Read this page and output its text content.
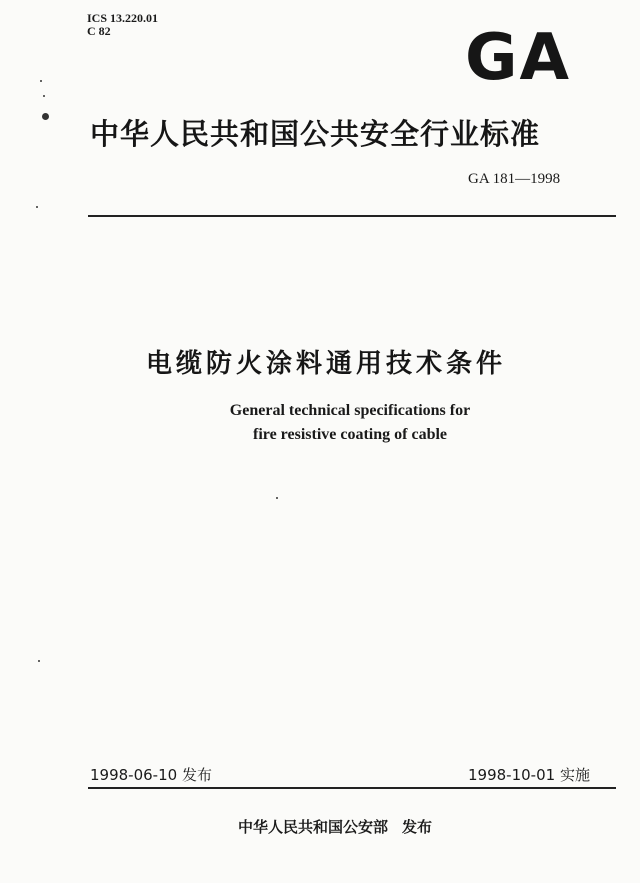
ICS 13.220.01
C 82	GA
中华人民共和国公共安全行业标准
GA 181—1998
电缆防火涂料通用技术条件
General technical specifications for
fire resistive coating of cable
1998-06-10 发布	1998-10-01 实施
中华人民共和国公安部 发布
